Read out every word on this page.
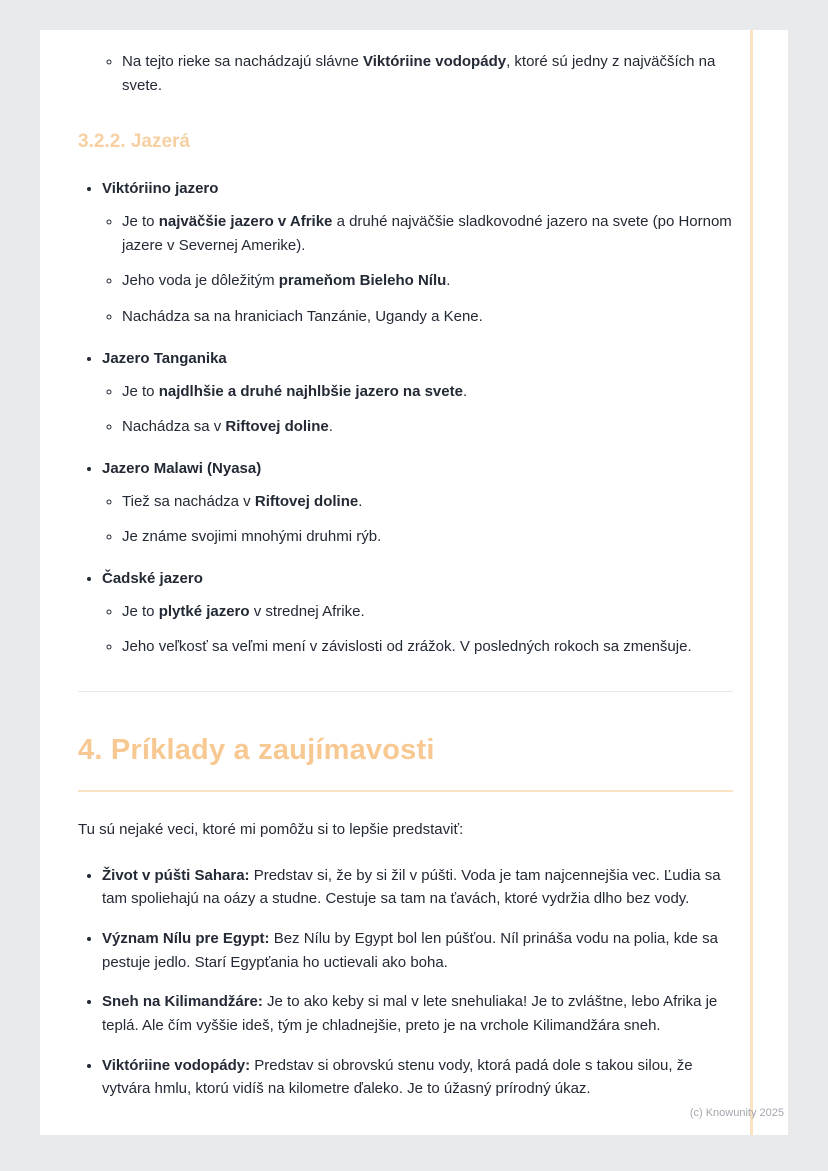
◦ Na tejto rieke sa nachádzajú slávne Viktóriine vodopády, ktoré sú jedny z najväčších na svete.
3.2.2. Jazerá
• Viktóriino jazero
◦ Je to najväčšie jazero v Afrike a druhé najväčšie sladkovodné jazero na svete (po Hornom jazere v Severnej Amerike).
◦ Jeho voda je dôležitým prameňom Bieleho Nílu.
◦ Nachádza sa na hraniciach Tanzánie, Ugandy a Kene.
• Jazero Tanganika
◦ Je to najdlhšie a druhé najhlbšie jazero na svete.
◦ Nachádza sa v Riftovej doline.
• Jazero Malawi (Nyasa)
◦ Tiež sa nachádza v Riftovej doline.
◦ Je známe svojimi mnohými druhmi rýb.
• Čadské jazero
◦ Je to plytké jazero v strednej Afrike.
◦ Jeho veľkosť sa veľmi mení v závislosti od zrážok. V posledných rokoch sa zmenšuje.
4. Príklady a zaujímavosti

Tu sú nejaké veci, ktoré mi pomôžu si to lepšie predstaviť:

• Život v púšti Sahara: Predstav si, že by si žil v púšti. Voda je tam najcennejšia vec. Ľudia sa tam spoliehajú na oázy a studne. Cestuje sa tam na ťavách, ktoré vydržia dlho bez vody.
• Význam Nílu pre Egypt: Bez Nílu by Egypt bol len púšťou. Níl prináša vodu na polia, kde sa pestuje jedlo. Starí Egypťania ho uctievali ako boha.
• Sneh na Kilimandžáre: Je to ako keby si mal v lete snehuliaka! Je to zvláštne, lebo Afrika je teplá. Ale čím vyššie ideš, tým je chladnejšie, preto je na vrchole Kilimandžára sneh.
• Viktóriine vodopády: Predstav si obrovskú stenu vody, ktorá padá dole s takou silou, že vytvára hmlu, ktorú vidíš na kilometre ďaleko. Je to úžasný prírodný úkaz.
(c) Knowunity 2025
